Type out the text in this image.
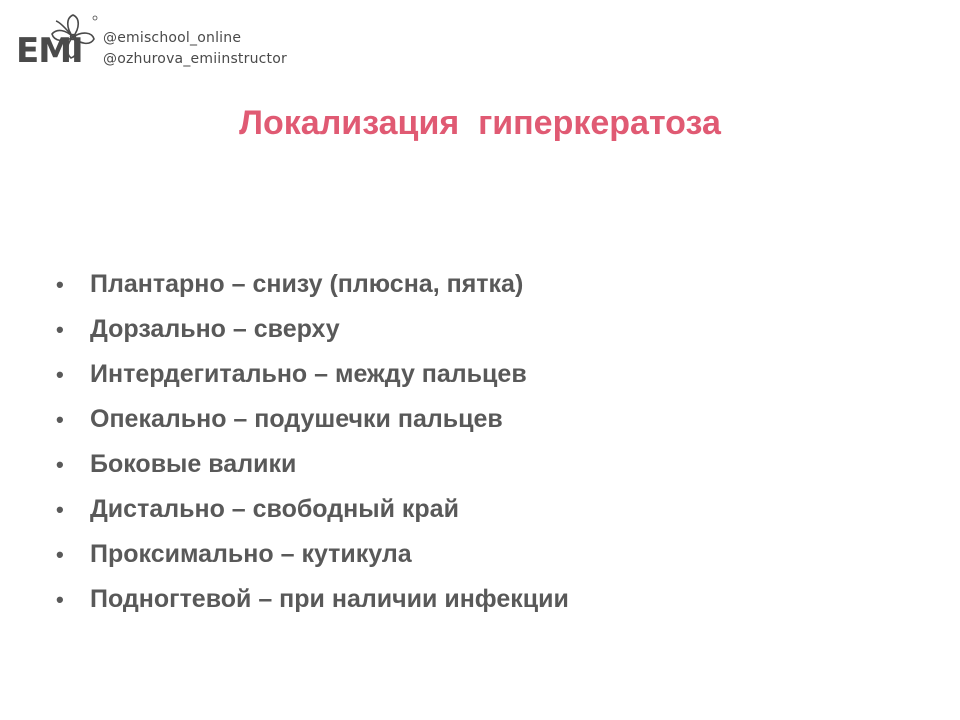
EMI @emischool_online
@ozhurova_emiinstructor
Локализация  гиперкератоза
• Плантарно – снизу (плюсна, пятка)
• Дорзально – сверху
• Интердегитально – между пальцев
• Опекально – подушечки пальцев
• Боковые валики
• Дистально – свободный край
• Проксимально – кутикула
• Подногтевой – при наличии инфекции
